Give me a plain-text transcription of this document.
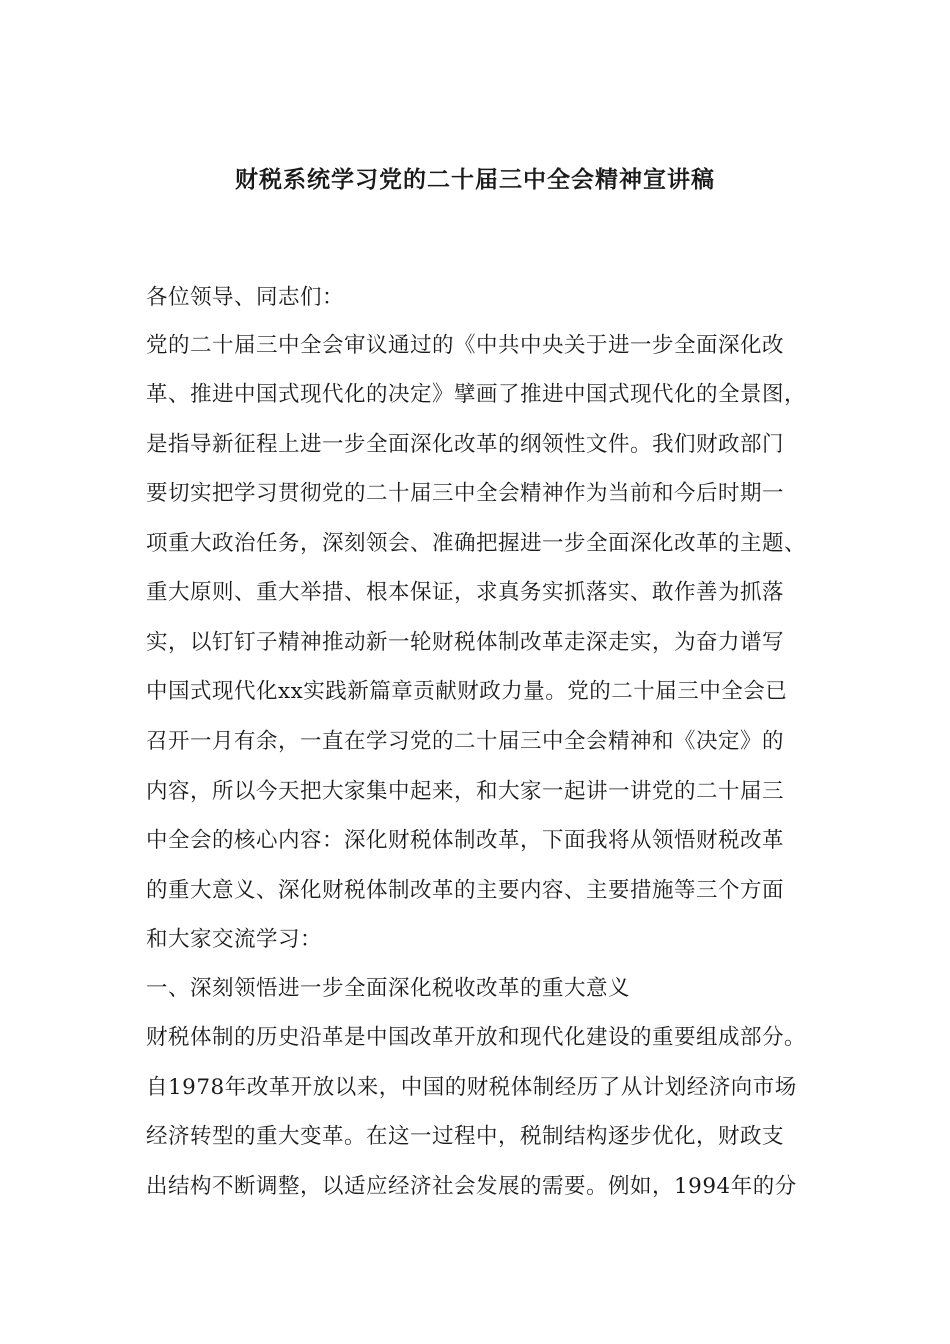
财税系统学习党的二十届三中全会精神宣讲稿
各位领导、同志们：
党的二十届三中全会审议通过的《中共中央关于进一步全面深化改
革、推进中国式现代化的决定》擘画了推进中国式现代化的全景图，
是指导新征程上进一步全面深化改革的纲领性文件。我们财政部门
要切实把学习贯彻党的二十届三中全会精神作为当前和今后时期一
项重大政治任务，深刻领会、准确把握进一步全面深化改革的主题、
重大原则、重大举措、根本保证，求真务实抓落实、敢作善为抓落
实，以钉钉子精神推动新一轮财税体制改革走深走实，为奋力谱写
中国式现代化xx实践新篇章贡献财政力量。党的二十届三中全会已
召开一月有余，一直在学习党的二十届三中全会精神和《决定》的
内容，所以今天把大家集中起来，和大家一起讲一讲党的二十届三
中全会的核心内容：深化财税体制改革，下面我将从领悟财税改革
的重大意义、深化财税体制改革的主要内容、主要措施等三个方面
和大家交流学习：
一、深刻领悟进一步全面深化税收改革的重大意义
财税体制的历史沿革是中国改革开放和现代化建设的重要组成部分。
自1978年改革开放以来，中国的财税体制经历了从计划经济向市场
经济转型的重大变革。在这一过程中，税制结构逐步优化，财政支
出结构不断调整，以适应经济社会发展的需要。例如，1994年的分
